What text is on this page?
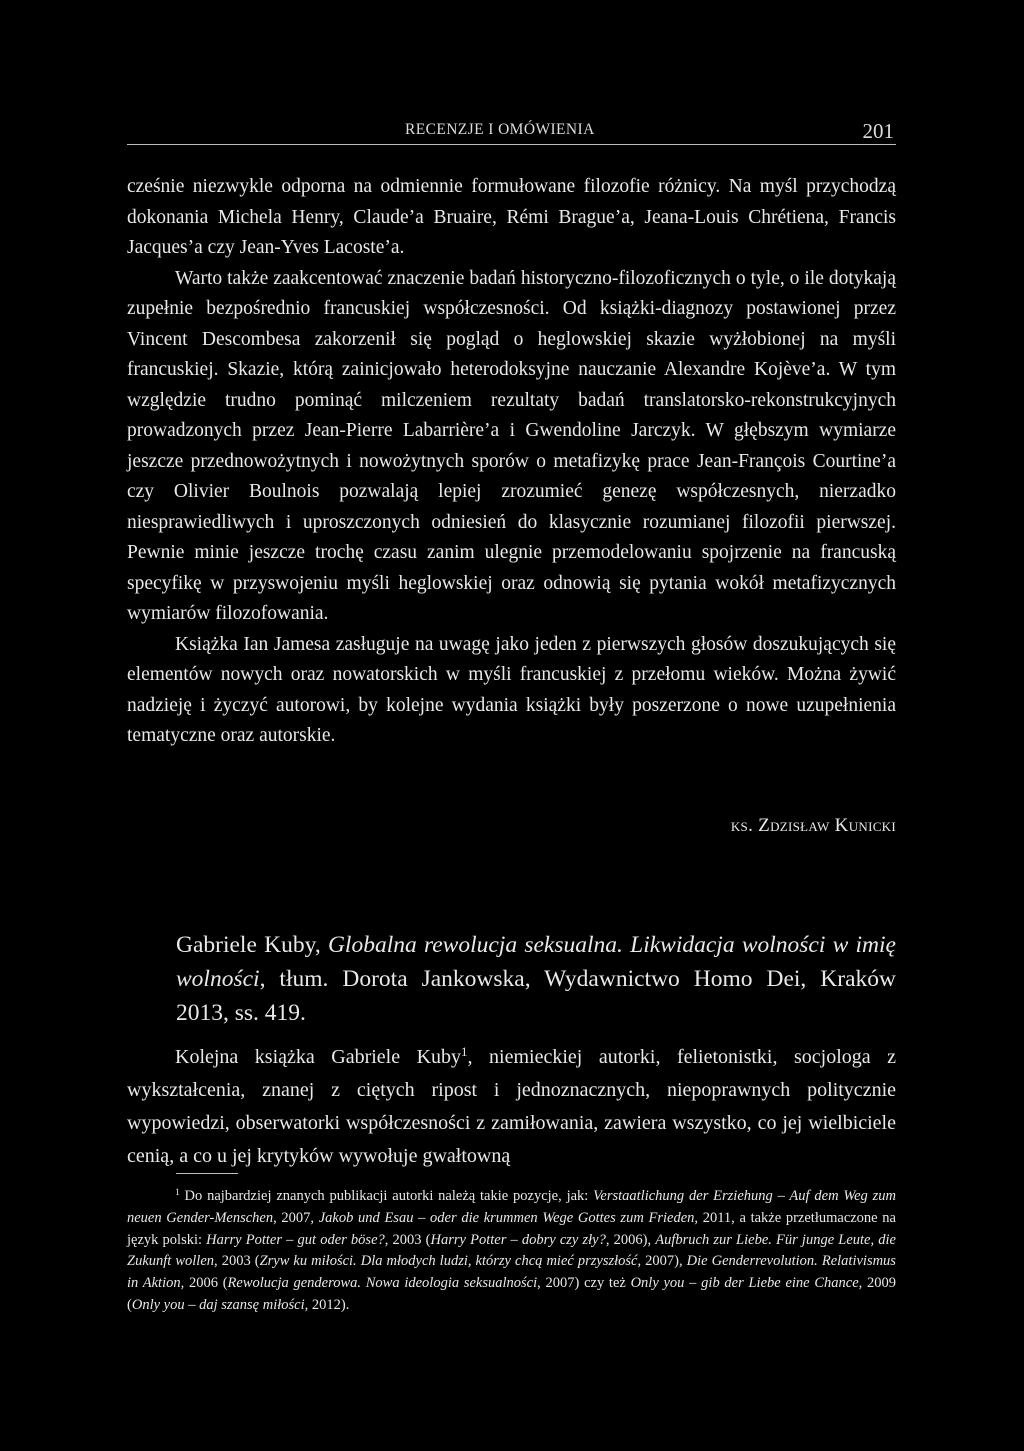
RECENZJE I OMÓWIENIA	201

cześnie niezwykle odporna na odmiennie formułowane filozofie różnicy. Na myśl przychodzą dokonania Michela Henry, Claude’a Bruaire, Rémi Brague’a, Jeana-Louis Chrétiena, Francis Jacques’a czy Jean-Yves Lacoste’a.

Warto także zaakcentować znaczenie badań historyczno-filozoficznych o tyle, o ile dotykają zupełnie bezpośrednio francuskiej współczesności. Od książki-diagnozy postawionej przez Vincent Descombesa zakorzenił się pogląd o heglowskiej skazie wyżłobionej na myśli francuskiej. Skazie, którą zainicjowało heterodoksyjne nauczanie Alexandre Kojève’a. W tym względzie trudno pominąć milczeniem rezultaty badań translatorsko-rekonstrukcyjnych prowadzonych przez Jean-Pierre Labarrière’a i Gwendoline Jarczyk. W głębszym wymiarze jeszcze przednowożytnych i nowożytnych sporów o metafizykę prace Jean-François Courtine’a czy Olivier Boulnois pozwalają lepiej zrozumieć genezę współczesnych, nierzadko niesprawiedliwych i uproszczonych odniesień do klasycznie rozumianej filozofii pierwszej. Pewnie minie jeszcze trochę czasu zanim ulegnie przemodelowaniu spojrzenie na francuską specyfikę w przyswojeniu myśli heglowskiej oraz odnowią się pytania wokół metafizycznych wymiarów filozofowania.

Książka Ian Jamesa zasługuje na uwagę jako jeden z pierwszych głosów doszukujących się elementów nowych oraz nowatorskich w myśli francuskiej z przełomu wieków. Można żywić nadzieję i życzyć autorowi, by kolejne wydania książki były poszerzone o nowe uzupełnienia tematyczne oraz autorskie.

ks. Zdzisław Kunicki
Gabriele Kuby, Globalna rewolucja seksualna. Likwidacja wolności w imię wolności, tłum. Dorota Jankowska, Wydawnictwo Homo Dei, Kraków 2013, ss. 419.

Kolejna książka Gabriele Kuby$^1$, niemieckiej autorki, felietonistki, socjologa z wykształcenia, znanej z ciętych ripost i jednoznacznych, niepoprawnych politycznie wypowiedzi, obserwatorki współczesności z zamiłowania, zawiera wszystko, co jej wielbiciele cenią, a co u jej krytyków wywołuje gwałtowną

$^1$ Do najbardziej znanych publikacji autorki należą takie pozycje, jak: Verstaatlichung der Erziehung – Auf dem Weg zum neuen Gender-Menschen, 2007, Jakob und Esau – oder die krummen Wege Gottes zum Frieden, 2011, a także przetłumaczone na język polski: Harry Potter – gut oder böse?, 2003 (Harry Potter – dobry czy zły?, 2006), Aufbruch zur Liebe. Für junge Leute, die Zukunft wollen, 2003 (Zryw ku miłości. Dla młodych ludzi, którzy chcą mieć przyszłość, 2007), Die Genderrevolution. Relativismus in Aktion, 2006 (Rewolucja genderowa. Nowa ideologia seksualności, 2007) czy też Only you – gib der Liebe eine Chance, 2009 (Only you – daj szansę miłości, 2012).
